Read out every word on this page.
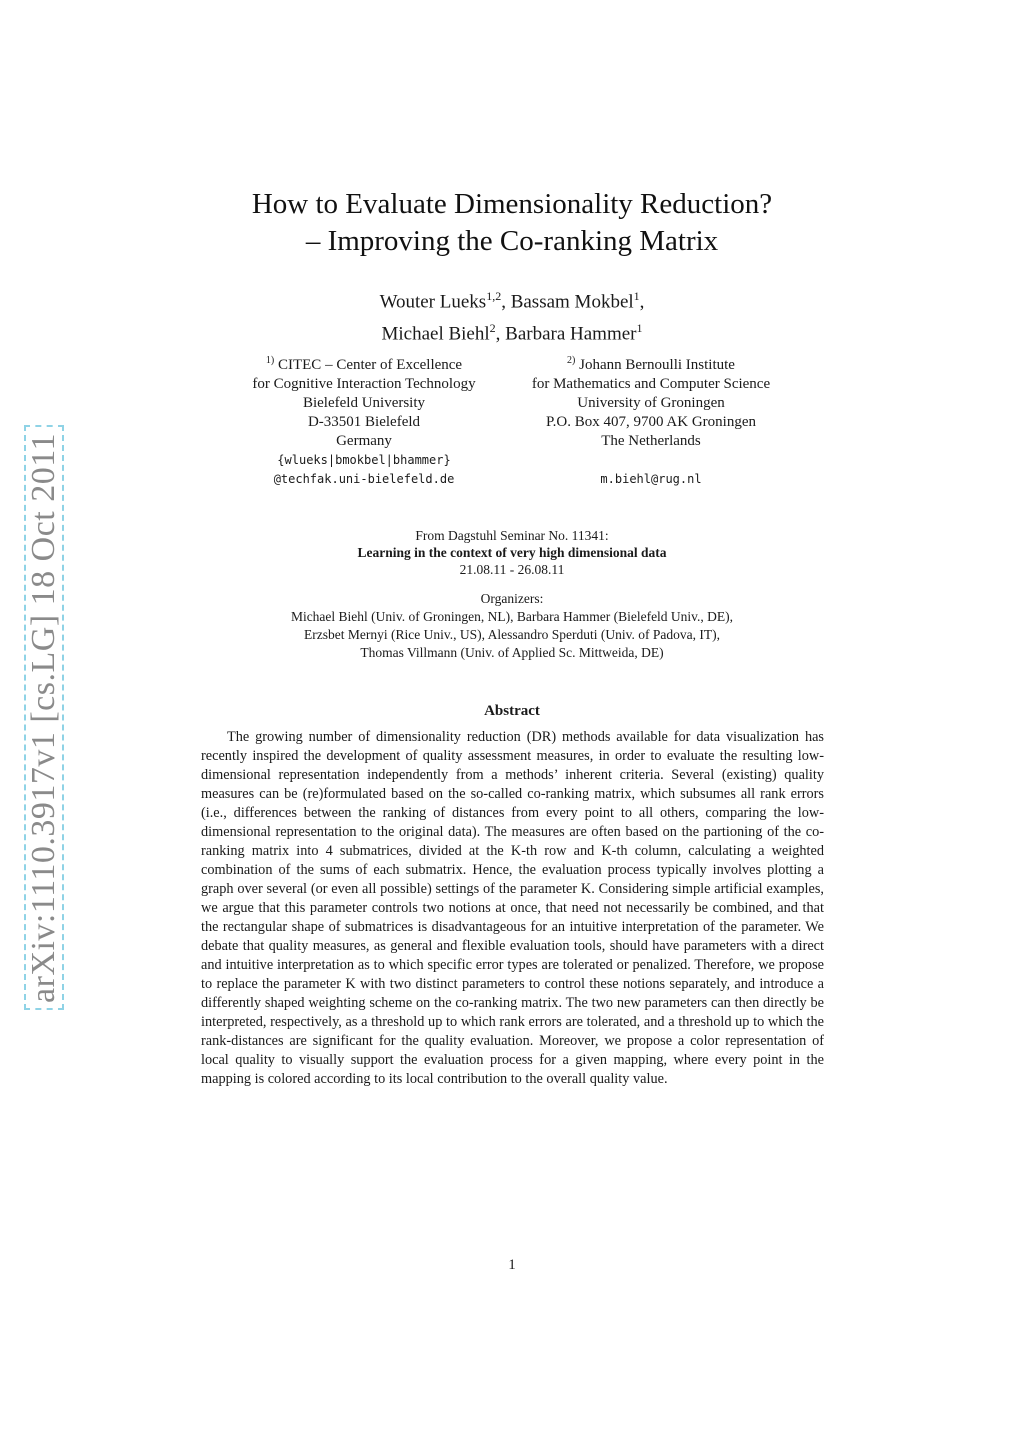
arXiv:1110.3917v1 [cs.LG] 18 Oct 2011
How to Evaluate Dimensionality Reduction?
– Improving the Co-ranking Matrix
Wouter Lueks$^{1,2}$, Bassam Mokbel$^1$,
Michael Biehl$^2$, Barbara Hammer$^1$
$^{1)}$ CITEC – Center of Excellence
for Cognitive Interaction Technology
Bielefeld University
D-33501 Bielefeld
Germany
{wlueks|bmokbel|bhammer}
@techfak.uni-bielefeld.de
$^{2)}$ Johann Bernoulli Institute
for Mathematics and Computer Science
University of Groningen
P.O. Box 407, 9700 AK Groningen
The Netherlands

m.biehl@rug.nl
From Dagstuhl Seminar No. 11341:
Learning in the context of very high dimensional data
21.08.11 - 26.08.11
Organizers:
Michael Biehl (Univ. of Groningen, NL), Barbara Hammer (Bielefeld Univ., DE),
Erzsbet Mernyi (Rice Univ., US), Alessandro Sperduti (Univ. of Padova, IT),
Thomas Villmann (Univ. of Applied Sc. Mittweida, DE)
Abstract
The growing number of dimensionality reduction (DR) methods available for data visualization has recently inspired the development of quality assessment measures, in order to evaluate the resulting low-dimensional representation independently from a methods’ inherent criteria. Several (existing) quality measures can be (re)formulated based on the so-called co-ranking matrix, which subsumes all rank errors (i.e., differences between the ranking of distances from every point to all others, comparing the low-dimensional representation to the original data). The measures are often based on the partioning of the co-ranking matrix into 4 submatrices, divided at the K-th row and K-th column, calculating a weighted combination of the sums of each submatrix. Hence, the evaluation process typically involves plotting a graph over several (or even all possible) settings of the parameter K. Considering simple artificial examples, we argue that this parameter controls two notions at once, that need not necessarily be combined, and that the rectangular shape of submatrices is disadvantageous for an intuitive interpretation of the parameter. We debate that quality measures, as general and flexible evaluation tools, should have parameters with a direct and intuitive interpretation as to which specific error types are tolerated or penalized. Therefore, we propose to replace the parameter K with two distinct parameters to control these notions separately, and introduce a differently shaped weighting scheme on the co-ranking matrix. The two new parameters can then directly be interpreted, respectively, as a threshold up to which rank errors are tolerated, and a threshold up to which the rank-distances are significant for the quality evaluation. Moreover, we propose a color representation of local quality to visually support the evaluation process for a given mapping, where every point in the mapping is colored according to its local contribution to the overall quality value.
1
